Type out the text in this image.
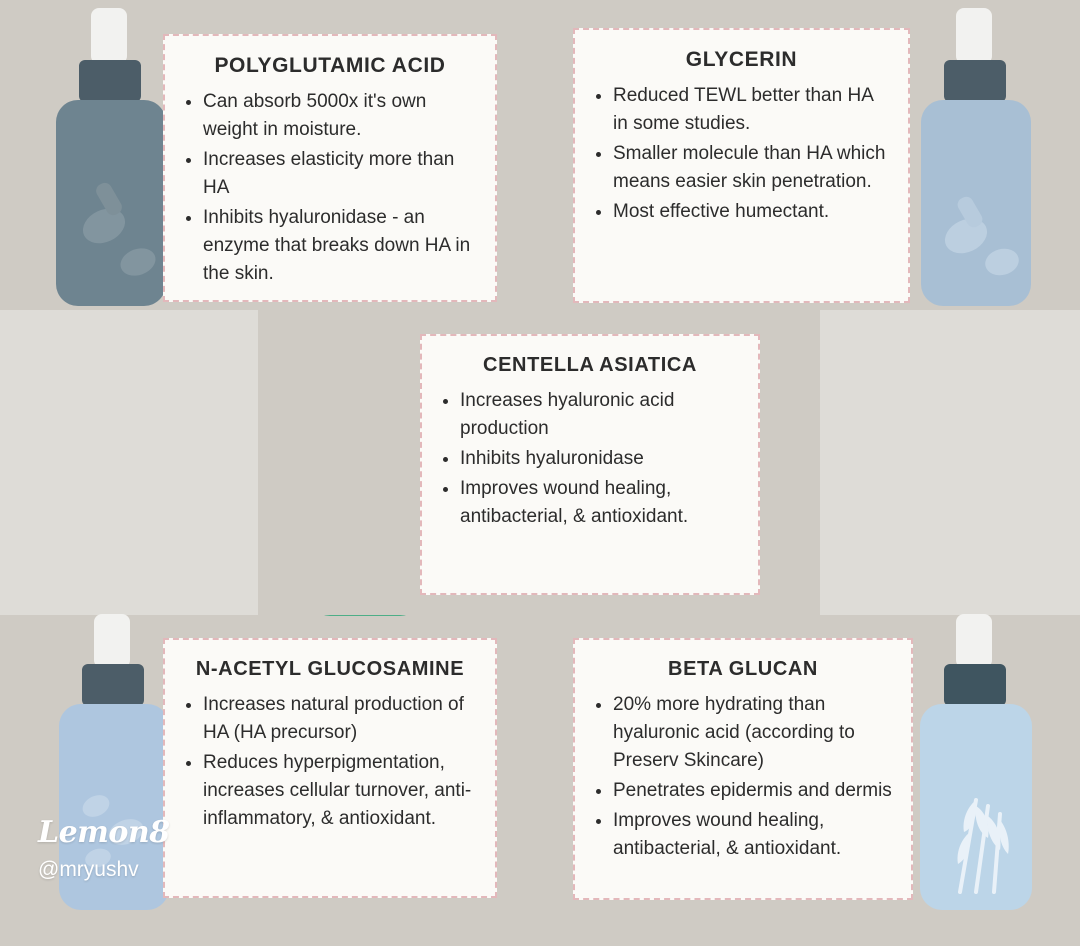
POLYGLUTAMIC ACID
• Can absorb 5000x it's own weight in moisture.
• Increases elasticity more than HA
• Inhibits hyaluronidase - an enzyme that breaks down HA in the skin.
GLYCERIN
• Reduced TEWL better than HA in some studies.
• Smaller molecule than HA which means easier skin penetration.
• Most effective humectant.
CENTELLA ASIATICA
• Increases hyaluronic acid production
• Inhibits hyaluronidase
• Improves wound healing, antibacterial, & antioxidant.
N-ACETYL GLUCOSAMINE
• Increases natural production of HA (HA precursor)
• Reduces hyperpigmentation, increases cellular turnover, anti-inflammatory, & antioxidant.
BETA GLUCAN
• 20% more hydrating than hyaluronic acid (according to Preserv Skincare)
• Penetrates epidermis and dermis
• Improves wound healing, antibacterial, & antioxidant.
Lemon8
@mryushv
